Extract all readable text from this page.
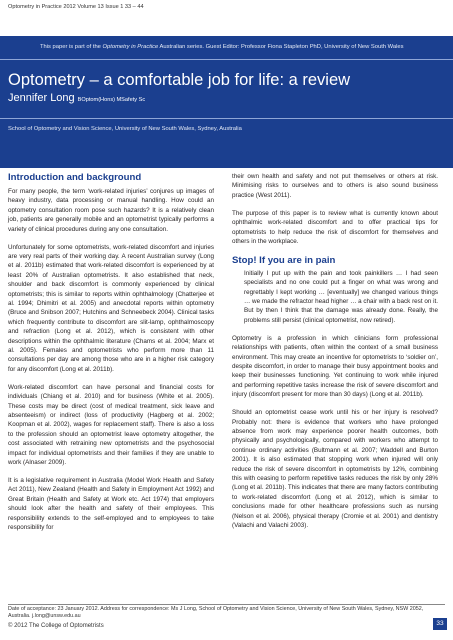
Optometry in Practice 2012 Volume 13 Issue 1 33 – 44
This paper is part of the Optometry in Practice Australian series. Guest Editor: Professor Fiona Stapleton PhD, University of New South Wales
Optometry – a comfortable job for life: a review
Jennifer Long BOptom(Hons) MSafety Sc
School of Optometry and Vision Science, University of New South Wales, Sydney, Australia
Introduction and background

For many people, the term ‘work-related injuries’ conjures up images of heavy industry, data processing or manual handling. How could an optometry consultation room pose such hazards? It is a relatively clean job, patients are generally mobile and an optometrist typically performs a variety of clinical procedures during any one consultation.

Unfortunately for some optometrists, work-related discomfort and injuries are very real parts of their working day. A recent Australian survey (Long et al. 2011b) estimated that work-related discomfort is experienced by at least 20% of Australian optometrists. It also established that neck, shoulder and back discomfort is commonly experienced by clinical optometrists; this is similar to reports within ophthalmology (Chatterjee et al. 1994; Dhimitri et al. 2005) and anecdotal reports within optometry (Bruce and Snibson 2007; Hutchins and Schneebeck 2004). Clinical tasks which frequently contribute to discomfort are slit-lamp, ophthalmoscopy and refraction (Long et al. 2012), which is consistent with other descriptions within the ophthalmic literature (Chams et al. 2004; Marx et al. 2005). Females and optometrists who perform more than 11 consultations per day are among those who are in a higher risk category for any discomfort (Long et al. 2011b).

Work-related discomfort can have personal and financial costs for individuals (Chiang et al. 2010) and for business (White et al. 2005). These costs may be direct (cost of medical treatment, sick leave and absenteeism) or indirect (loss of productivity (Hagberg et al. 2002; Koopman et al. 2002), wages for replacement staff). There is also a loss to the profession should an optometrist leave optometry altogether, the cost associated with retraining new optometrists and the psychosocial impact for individual optometrists and their families if they are unable to work (Alnaser 2009).

It is a legislative requirement in Australia (Model Work Health and Safety Act 2011), New Zealand (Health and Safety in Employment Act 1992) and Great Britain (Health and Safety at Work etc. Act 1974) that employers should look after the health and safety of their employees. This responsibility extends to the self-employed and to employees to take responsibility for

their own health and safety and not put themselves or others at risk. Minimising risks to ourselves and to others is also sound business practice (West 2011).

The purpose of this paper is to review what is currently known about ophthalmic work-related discomfort and to offer practical tips for optometrists to help reduce the risk of discomfort for themselves and others in the workplace.

Stop! If you are in pain

Initially I put up with the pain and took painkillers … I had seen specialists and no one could put a finger on what was wrong and regrettably I kept working … [eventually] we changed various things … we made the refractor head higher … a chair with a back rest on it. But by then I think that the damage was already done. Really, the problems still persist (clinical optometrist, now retired).

Optometry is a profession in which clinicians form professional relationships with patients, often within the context of a small business environment. This may create an incentive for optometrists to ‘soldier on’, despite discomfort, in order to manage their busy appointment books and keep their businesses functioning. Yet continuing to work while injured and performing repetitive tasks increase the risk of severe discomfort and injury (discomfort present for more than 30 days) (Long et al. 2011b).

Should an optometrist cease work until his or her injury is resolved? Probably not: there is evidence that workers who have prolonged absence from work may experience poorer health outcomes, both physically and psychologically, compared with workers who attempt to continue ordinary activities (Bultmann et al. 2007; Waddell and Burton 2001). It is also estimated that stopping work when injured will only reduce the risk of severe discomfort in optometrists by 12%, combining this with ceasing to perform repetitive tasks reduces the risk by only 28% (Long et al. 2011b). This indicates that there are many factors contributing to work-related discomfort (Long et al. 2012), which is similar to conclusions made for other healthcare professions such as nursing (Nelson et al. 2006), physical therapy (Cromie et al. 2001) and dentistry (Valachi and Valachi 2003).

Date of acceptance: 23 January 2012. Address for correspondence: Ms J Long, School of Optometry and Vision Science, University of New South Wales, Sydney, NSW 2052, Australia. j.long@unsw.edu.au
© 2012 The College of Optometrists	33
